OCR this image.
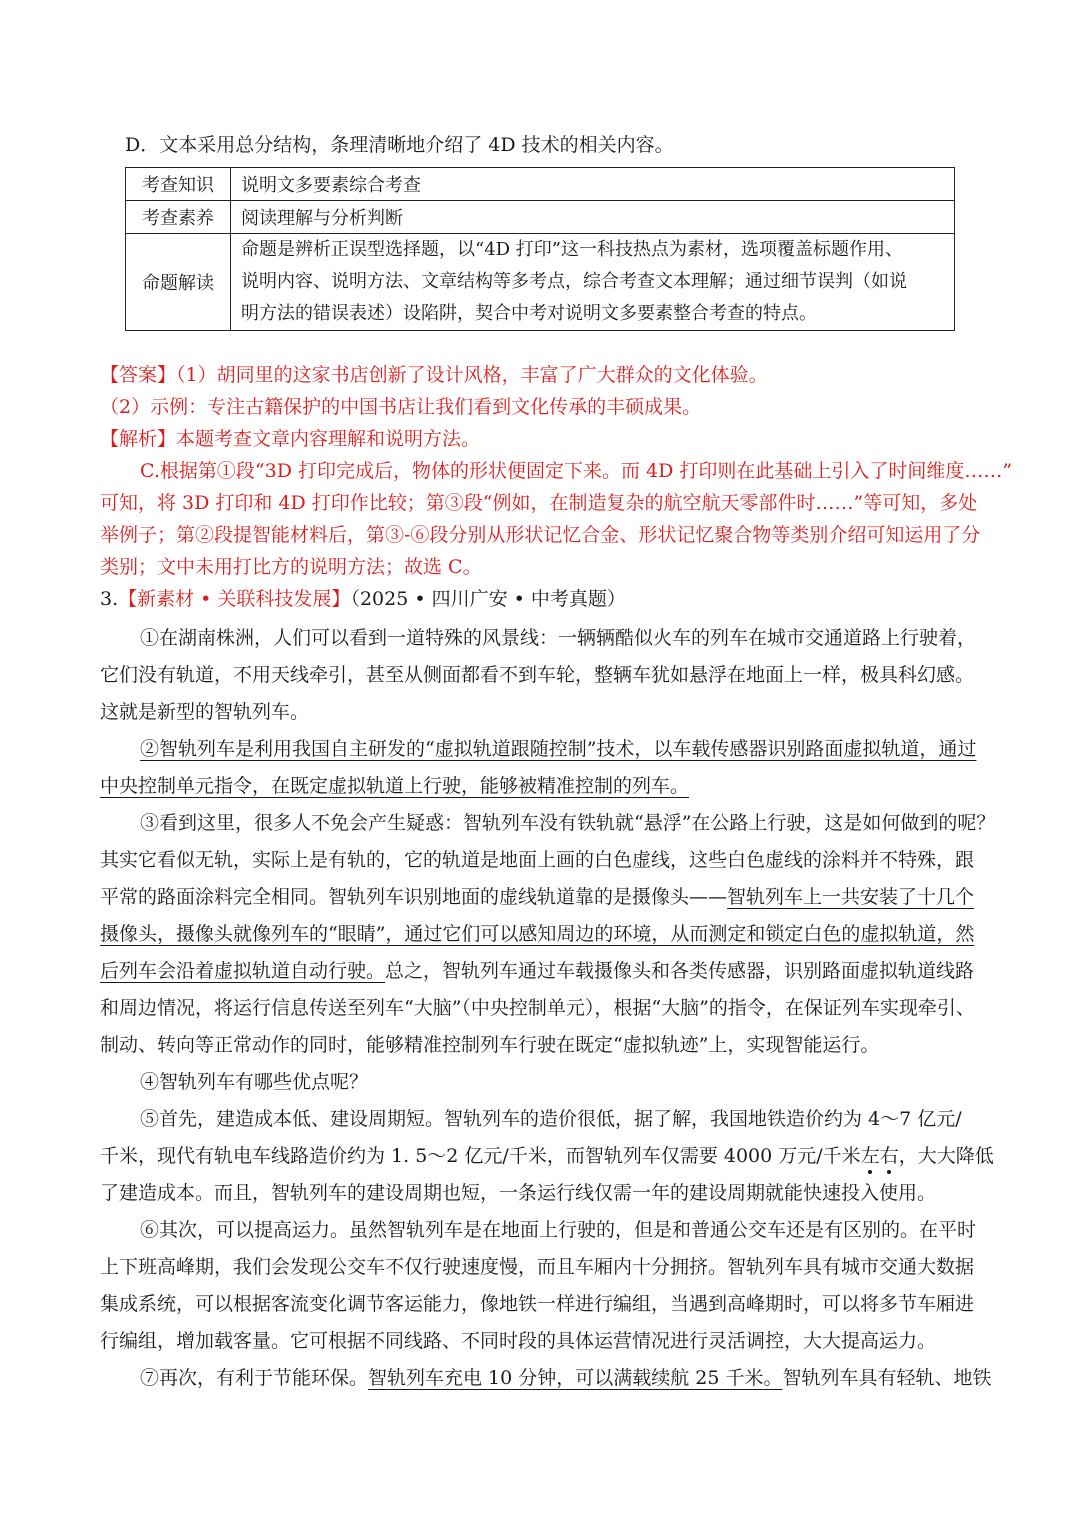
D．文本采用总分结构，条理清晰地介绍了 4D 技术的相关内容。
考查知识	说明文多要素综合考查
考查素养	阅读理解与分析判断
命题解读	命题是辨析正误型选择题，以“4D 打印”这一科技热点为素材，选项覆盖标题作用、
说明内容、说明方法、文章结构等多考点，综合考查文本理解；通过细节误判（如说
明方法的错误表述）设陷阱，契合中考对说明文多要素整合考查的特点。
【答案】（1）胡同里的这家书店创新了设计风格，丰富了广大群众的文化体验。
（2）示例：专注古籍保护的中国书店让我们看到文化传承的丰硕成果。
【解析】本题考查文章内容理解和说明方法。
C.根据第①段“3D 打印完成后，物体的形状便固定下来。而 4D 打印则在此基础上引入了时间维度……”
可知，将 3D 打印和 4D 打印作比较；第③段“例如，在制造复杂的航空航天零部件时……”等可知，多处
举例子；第②段提智能材料后，第③-⑥段分别从形状记忆合金、形状记忆聚合物等类别介绍可知运用了分
类别；文中未用打比方的说明方法；故选 C。
3.【新素材 • 关联科技发展】（2025 • 四川广安 • 中考真题）
①在湖南株洲，人们可以看到一道特殊的风景线：一辆辆酷似火车的列车在城市交通道路上行驶着，
它们没有轨道，不用天线牵引，甚至从侧面都看不到车轮，整辆车犹如悬浮在地面上一样，极具科幻感。
这就是新型的智轨列车。
②智轨列车是利用我国自主研发的“虚拟轨道跟随控制”技术，以车载传感器识别路面虚拟轨道，通过
中央控制单元指令，在既定虚拟轨道上行驶，能够被精准控制的列车。
③看到这里，很多人不免会产生疑惑：智轨列车没有铁轨就“悬浮”在公路上行驶，这是如何做到的呢？
其实它看似无轨，实际上是有轨的，它的轨道是地面上画的白色虚线，这些白色虚线的涂料并不特殊，跟
平常的路面涂料完全相同。智轨列车识别地面的虚线轨道靠的是摄像头——智轨列车上一共安装了十几个
摄像头，摄像头就像列车的“眼睛”，通过它们可以感知周边的环境，从而测定和锁定白色的虚拟轨道，然
后列车会沿着虚拟轨道自动行驶。总之，智轨列车通过车载摄像头和各类传感器，识别路面虚拟轨道线路
和周边情况，将运行信息传送至列车“大脑”（中央控制单元），根据“大脑”的指令，在保证列车实现牵引、
制动、转向等正常动作的同时，能够精准控制列车行驶在既定“虚拟轨迹”上，实现智能运行。
④智轨列车有哪些优点呢？
⑤首先，建造成本低、建设周期短。智轨列车的造价很低，据了解，我国地铁造价约为 4～7 亿元/
千米，现代有轨电车线路造价约为 1. 5～2 亿元/千米，而智轨列车仅需要 4000 万元/千米左右，大大降低
了建造成本。而且，智轨列车的建设周期也短，一条运行线仅需一年的建设周期就能快速投入使用。
⑥其次，可以提高运力。虽然智轨列车是在地面上行驶的，但是和普通公交车还是有区别的。在平时
上下班高峰期，我们会发现公交车不仅行驶速度慢，而且车厢内十分拥挤。智轨列车具有城市交通大数据
集成系统，可以根据客流变化调节客运能力，像地铁一样进行编组，当遇到高峰期时，可以将多节车厢进
行编组，增加载客量。它可根据不同线路、不同时段的具体运营情况进行灵活调控，大大提高运力。
⑦再次，有利于节能环保。智轨列车充电 10 分钟，可以满载续航 25 千米。智轨列车具有轻轨、地铁
